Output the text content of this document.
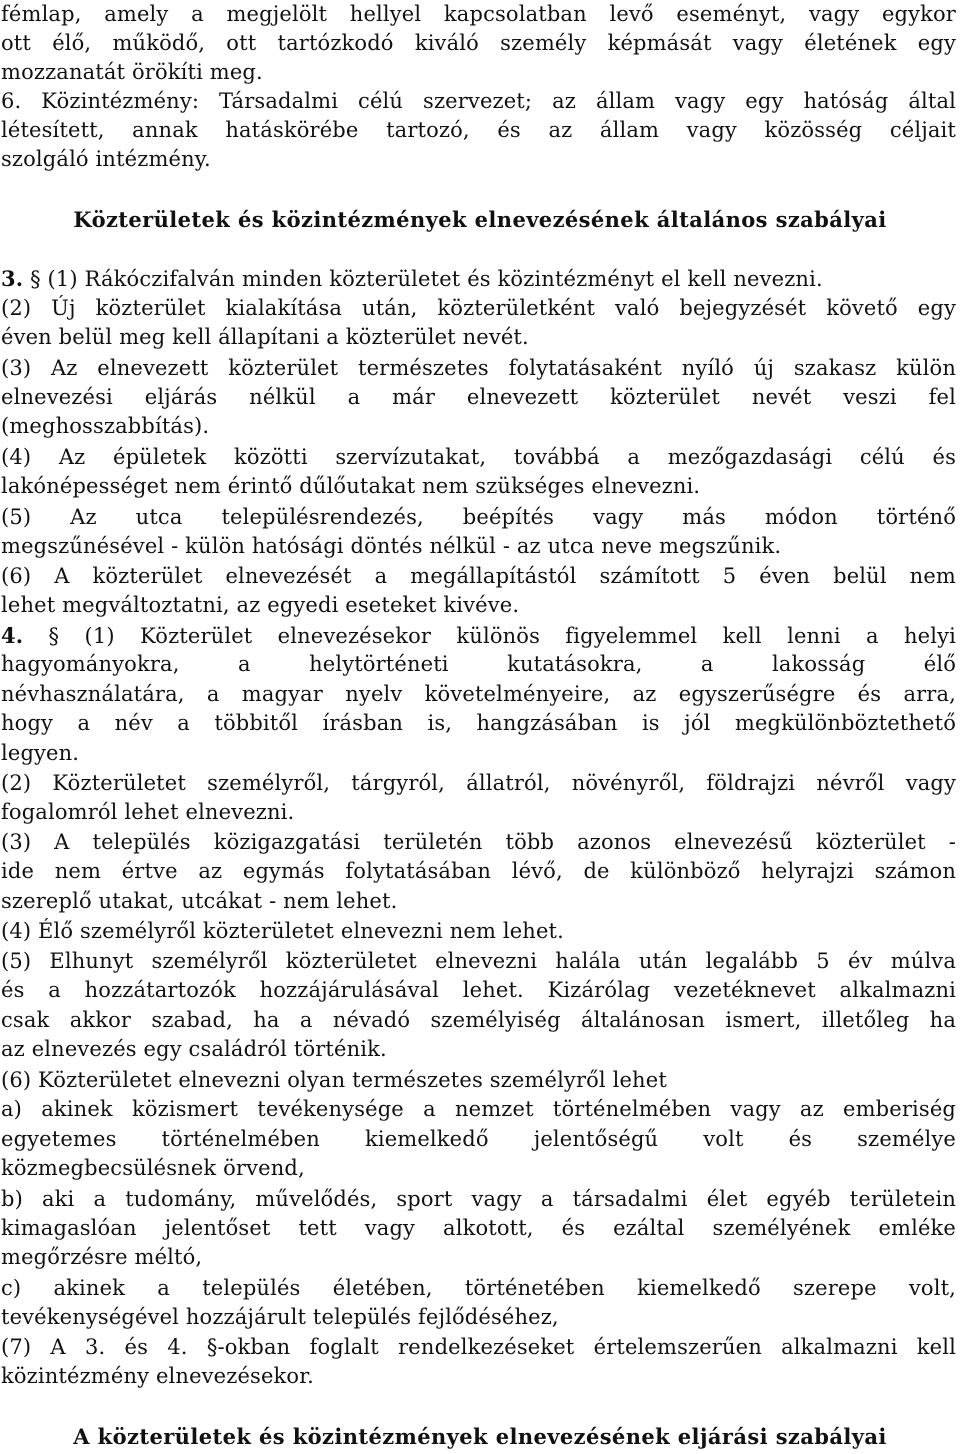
fémlap, amely a megjelölt hellyel kapcsolatban levő eseményt, vagy egykor
ott élő, működő, ott tartózkodó kiváló személy képmását vagy életének egy
mozzanatát örökíti meg.
6. Közintézmény: Társadalmi célú szervezet; az állam vagy egy hatóság által
létesített, annak hatáskörébe tartozó, és az állam vagy közösség céljait
szolgáló intézmény.
Közterületek és közintézmények elnevezésének általános szabályai
3. § (1) Rákóczifalván minden közterületet és közintézményt el kell nevezni.
(2) Új közterület kialakítása után, közterületként való bejegyzését követő egy
éven belül meg kell állapítani a közterület nevét.
(3) Az elnevezett közterület természetes folytatásaként nyíló új szakasz külön
elnevezési eljárás nélkül a már elnevezett közterület nevét veszi fel
(meghosszabbítás).
(4) Az épületek közötti szervízutakat, továbbá a mezőgazdasági célú és
lakónépességet nem érintő dűlőutakat nem szükséges elnevezni.
(5) Az utca településrendezés, beépítés vagy más módon történő
megszűnésével - külön hatósági döntés nélkül - az utca neve megszűnik.
(6) A közterület elnevezését a megállapítástól számított 5 éven belül nem
lehet megváltoztatni, az egyedi eseteket kivéve.
4. § (1) Közterület elnevezésekor különös figyelemmel kell lenni a helyi
hagyományokra, a helytörténeti kutatásokra, a lakosság élő
névhasználatára, a magyar nyelv követelményeire, az egyszerűségre és arra,
hogy a név a többitől írásban is, hangzásában is jól megkülönböztethető
legyen.
(2) Közterületet személyről, tárgyról, állatról, növényről, földrajzi névről vagy
fogalomról lehet elnevezni.
(3) A település közigazgatási területén több azonos elnevezésű közterület -
ide nem értve az egymás folytatásában lévő, de különböző helyrajzi számon
szereplő utakat, utcákat - nem lehet.
(4) Élő személyről közterületet elnevezni nem lehet.
(5) Elhunyt személyről közterületet elnevezni halála után legalább 5 év múlva
és a hozzátartozók hozzájárulásával lehet. Kizárólag vezetéknevet alkalmazni
csak akkor szabad, ha a névadó személyiség általánosan ismert, illetőleg ha
az elnevezés egy családról történik.
(6) Közterületet elnevezni olyan természetes személyről lehet
a) akinek közismert tevékenysége a nemzet történelmében vagy az emberiség
egyetemes történelmében kiemelkedő jelentőségű volt és személye
közmegbecsülésnek örvend,
b) aki a tudomány, művelődés, sport vagy a társadalmi élet egyéb területein
kimagaslóan jelentőset tett vagy alkotott, és ezáltal személyének emléke
megőrzésre méltó,
c) akinek a település életében, történetében kiemelkedő szerepe volt,
tevékenységével hozzájárult település fejlődéséhez,
(7) A 3. és 4. §-okban foglalt rendelkezéseket értelemszerűen alkalmazni kell
közintézmény elnevezésekor.
A közterületek és közintézmények elnevezésének eljárási szabályai
